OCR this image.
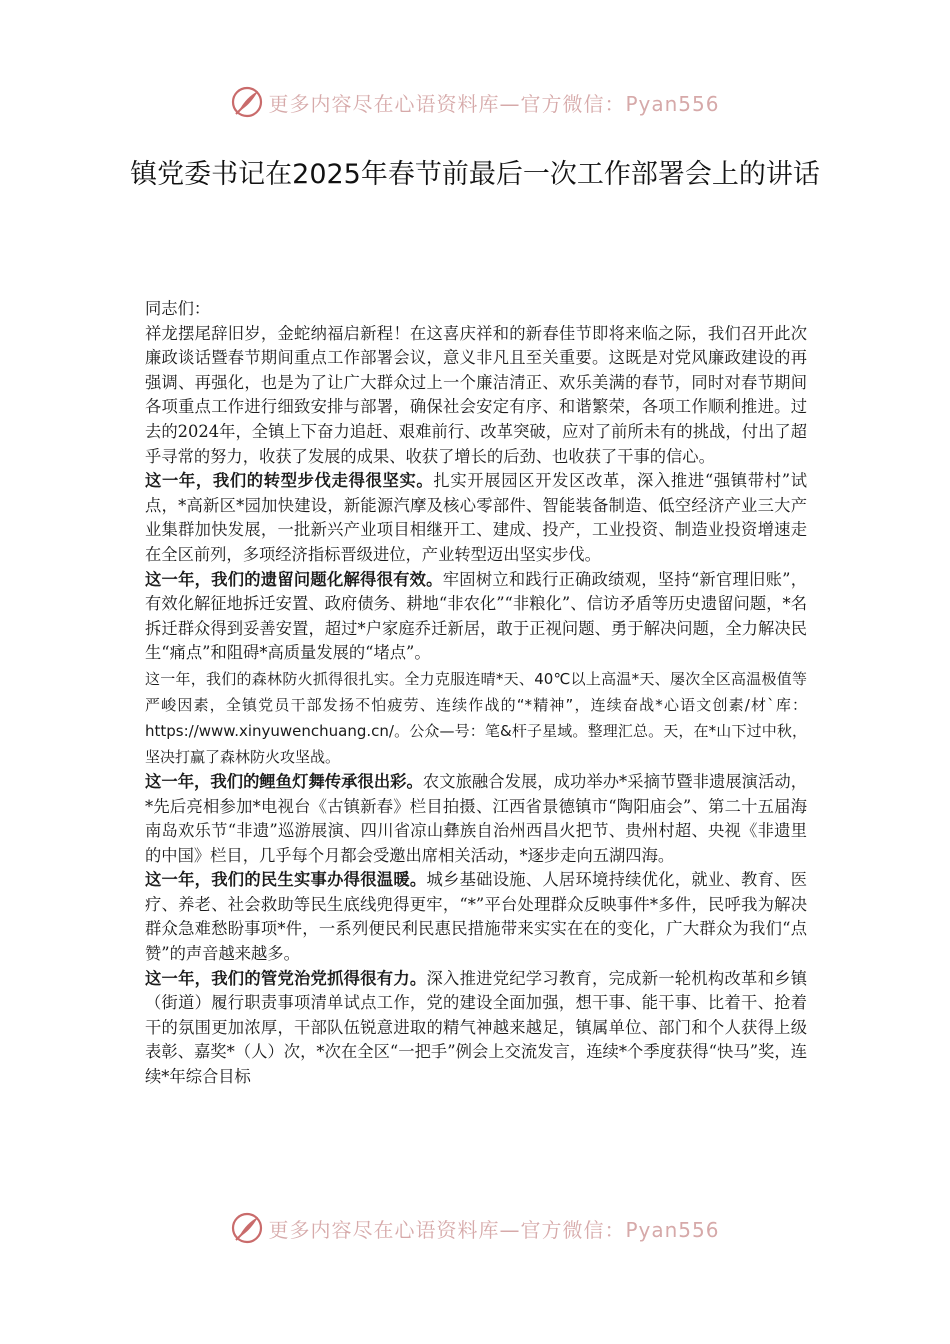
更多内容尽在心语资料库—官方微信：Pyan556
镇党委书记在2025年春节前最后一次工作部署会上的讲话

同志们：

祥龙摆尾辞旧岁，金蛇纳福启新程！在这喜庆祥和的新春佳节即将来临之际，我们召开此次廉政谈话暨春节期间重点工作部署会议，意义非凡且至关重要。这既是对党风廉政建设的再强调、再强化，也是为了让广大群众过上一个廉洁清正、欢乐美满的春节，同时对春节期间各项重点工作进行细致安排与部署，确保社会安定有序、和谐繁荣，各项工作顺利推进。过去的2024年，全镇上下奋力追赶、艰难前行、改革突破，应对了前所未有的挑战，付出了超乎寻常的努力，收获了发展的成果、收获了增长的后劲、也收获了干事的信心。

这一年，我们的转型步伐走得很坚实。扎实开展园区开发区改革，深入推进“强镇带村”试点，*高新区*园加快建设，新能源汽摩及核心零部件、智能装备制造、低空经济产业三大产业集群加快发展，一批新兴产业项目相继开工、建成、投产，工业投资、制造业投资增速走在全区前列，多项经济指标晋级进位，产业转型迈出坚实步伐。

这一年，我们的遗留问题化解得很有效。牢固树立和践行正确政绩观，坚持“新官理旧账”，有效化解征地拆迁安置、政府债务、耕地“非农化”“非粮化”、信访矛盾等历史遗留问题，*名拆迁群众得到妥善安置，超过*户家庭乔迁新居，敢于正视问题、勇于解决问题，全力解决民生“痛点”和阻碍*高质量发展的“堵点”。

这一年，我们的森林防火抓得很扎实。全力克服连晴*天、40℃以上高温*天、屡次全区高温极值等严峻因素，全镇党员干部发扬不怕疲劳、连续作战的“*精神”，连续奋战*心语文创素/材`库：https://www.xinyuwenchuang.cn/。公众—号：笔&杆子星域。整理汇总。天，在*山下过中秋，坚决打赢了森林防火攻坚战。

这一年，我们的鲤鱼灯舞传承很出彩。农文旅融合发展，成功举办*采摘节暨非遗展演活动，*先后亮相参加*电视台《古镇新春》栏目拍摄、江西省景德镇市“陶阳庙会”、第二十五届海南岛欢乐节“非遗”巡游展演、四川省凉山彝族自治州西昌火把节、贵州村超、央视《非遗里的中国》栏目，几乎每个月都会受邀出席相关活动，*逐步走向五湖四海。

这一年，我们的民生实事办得很温暖。城乡基础设施、人居环境持续优化，就业、教育、医疗、养老、社会救助等民生底线兜得更牢，“*”平台处理群众反映事件*多件，民呼我为解决群众急难愁盼事项*件，一系列便民利民惠民措施带来实实在在的变化，广大群众为我们“点赞”的声音越来越多。

这一年，我们的管党治党抓得很有力。深入推进党纪学习教育，完成新一轮机构改革和乡镇（街道）履行职责事项清单试点工作，党的建设全面加强，想干事、能干事、比着干、抢着干的氛围更加浓厚，干部队伍锐意进取的精气神越来越足，镇属单位、部门和个人获得上级表彰、嘉奖*（人）次，*次在全区“一把手”例会上交流发言，连续*个季度获得“快马”奖，连续*年综合目标

更多内容尽在心语资料库—官方微信：Pyan556
